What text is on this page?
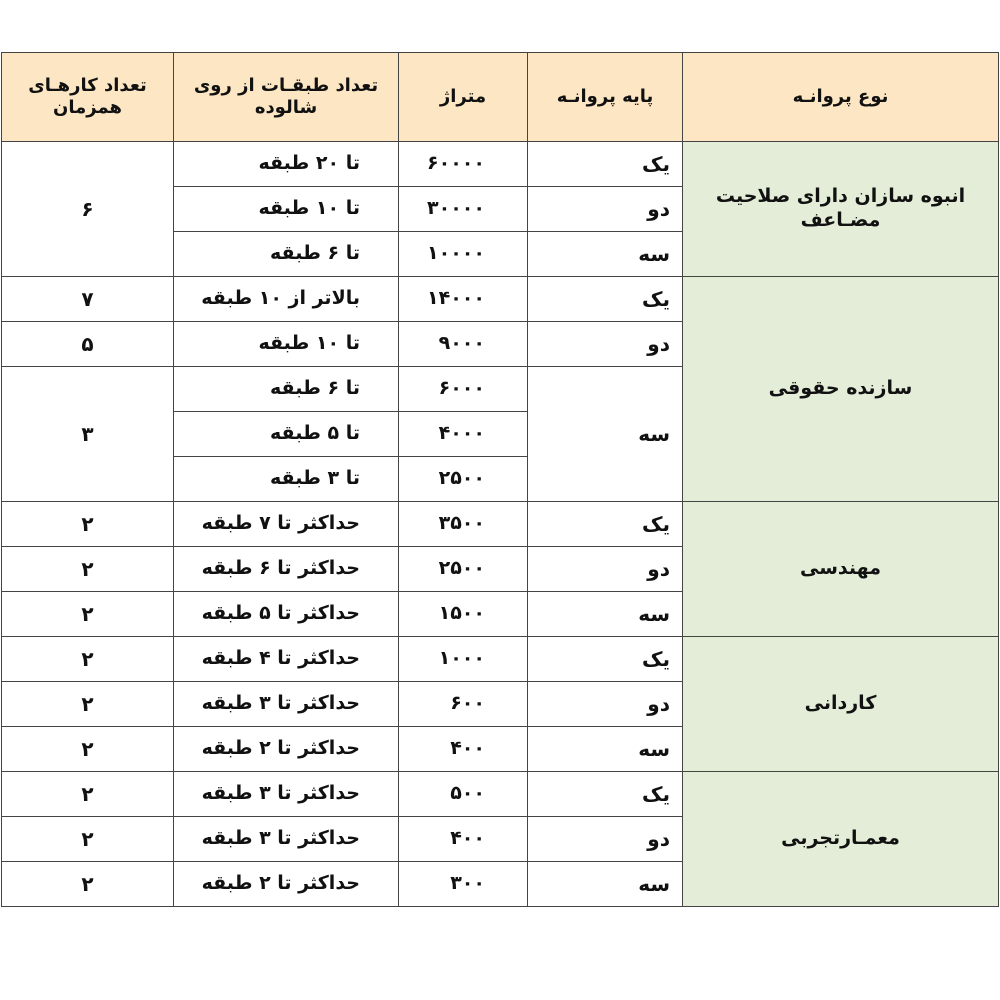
نوع پروانـه	پایه پروانـه	متراژ	تعداد طبقـات از روی شالوده	تعداد کارهـای همزمان
انبوه سازان دارای صلاحیت مضـاعف	یک	۶۰۰۰۰	تا ۲۰ طبقه	۶
	دو	۳۰۰۰۰	تا ۱۰ طبقه	
	سه	۱۰۰۰۰	تا ۶ طبقه	
سازنده حقوقی	یک	۱۴۰۰۰	بالاتر از ۱۰ طبقه	۷
	دو	۹۰۰۰	تا ۱۰ طبقه	۵
	سه	۶۰۰۰	تا ۶ طبقه	۳
		۴۰۰۰	تا ۵ طبقه	
		۲۵۰۰	تا ۳ طبقه	
مهندسی	یک	۳۵۰۰	حداکثر تا ۷ طبقه	۲
	دو	۲۵۰۰	حداکثر تا ۶ طبقه	۲
	سه	۱۵۰۰	حداکثر تا ۵ طبقه	۲
کاردانی	یک	۱۰۰۰	حداکثر تا ۴ طبقه	۲
	دو	۶۰۰	حداکثر تا ۳ طبقه	۲
	سه	۴۰۰	حداکثر تا ۲ طبقه	۲
معمـارتجربی	یک	۵۰۰	حداکثر تا ۳ طبقه	۲
	دو	۴۰۰	حداکثر تا ۳ طبقه	۲
	سه	۳۰۰	حداکثر تا ۲ طبقه	۲
